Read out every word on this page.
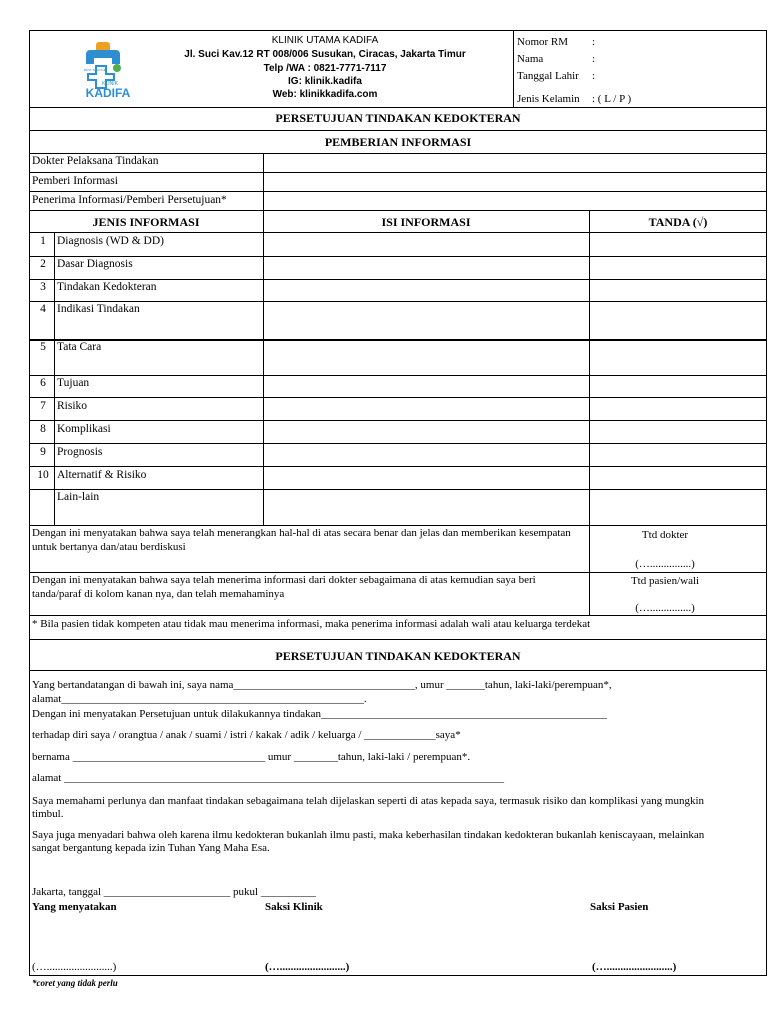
BEST SERVICE
KLINIK
KADIFA
KLINIK UTAMA KADIFA
Jl. Suci Kav.12 RT 008/006 Susukan, Ciracas, Jakarta Timur
Telp /WA : 0821-7771-7117
IG: klinik.kadifa
Web: klinikkadifa.com
Nomor RM :
Nama	:
Tanggal Lahir :
Jenis Kelamin : ( L / P )
PERSETUJUAN TINDAKAN KEDOKTERAN
PEMBERIAN INFORMASI
Dokter Pelaksana Tindakan
Pemberi Informasi
Penerima Informasi/Pemberi Persetujuan*
JENIS INFORMASI	ISI INFORMASI	TANDA (√)
1 Diagnosis (WD & DD)
2 Dasar Diagnosis
3 Tindakan Kedokteran
4 Indikasi Tindakan
5 Tata Cara
6 Tujuan
7 Risiko
8 Komplikasi
9 Prognosis
10 Alternatif & Risiko
Lain-lain
Dengan ini menyatakan bahwa saya telah menerangkan hal-hal di atas secara benar dan jelas dan memberikan kesempatan untuk bertanya dan/atau berdiskusi
Ttd dokter
(…...............)
Dengan ini menyatakan bahwa saya telah menerima informasi dari dokter sebagaimana di atas kemudian saya beri tanda/paraf di kolom kanan nya, dan telah memahaminya
Ttd pasien/wali
(…...............)
* Bila pasien tidak kompeten atau tidak mau menerima informasi, maka penerima informasi adalah wali atau keluarga terdekat
PERSETUJUAN TINDAKAN KEDOKTERAN
Yang bertandatangan di bawah ini, saya nama_________________________________, umur _______tahun, laki-laki/perempuan*,
alamat_______________________________________________________.
Dengan ini menyatakan Persetujuan untuk dilakukannya tindakan____________________________________________________
terhadap diri saya / orangtua / anak / suami / istri / kakak / adik / keluarga / _____________saya*
bernama ___________________________________ umur ________tahun, laki-laki / perempuan*.
alamat ________________________________________________________________________________
Saya memahami perlunya dan manfaat tindakan sebagaimana telah dijelaskan seperti di atas kepada saya, termasuk risiko dan komplikasi yang mungkin timbul.
Saya juga menyadari bahwa oleh karena ilmu kedokteran bukanlah ilmu pasti, maka keberhasilan tindakan kedokteran bukanlah keniscayaan, melainkan sangat bergantung kepada izin Tuhan Yang Maha Esa.
Jakarta, tanggal _______________________ pukul __________
Yang menyatakan	Saksi Klinik	Saksi Pasien
(…........................)	(…........................)	(…........................)
*coret yang tidak perlu
